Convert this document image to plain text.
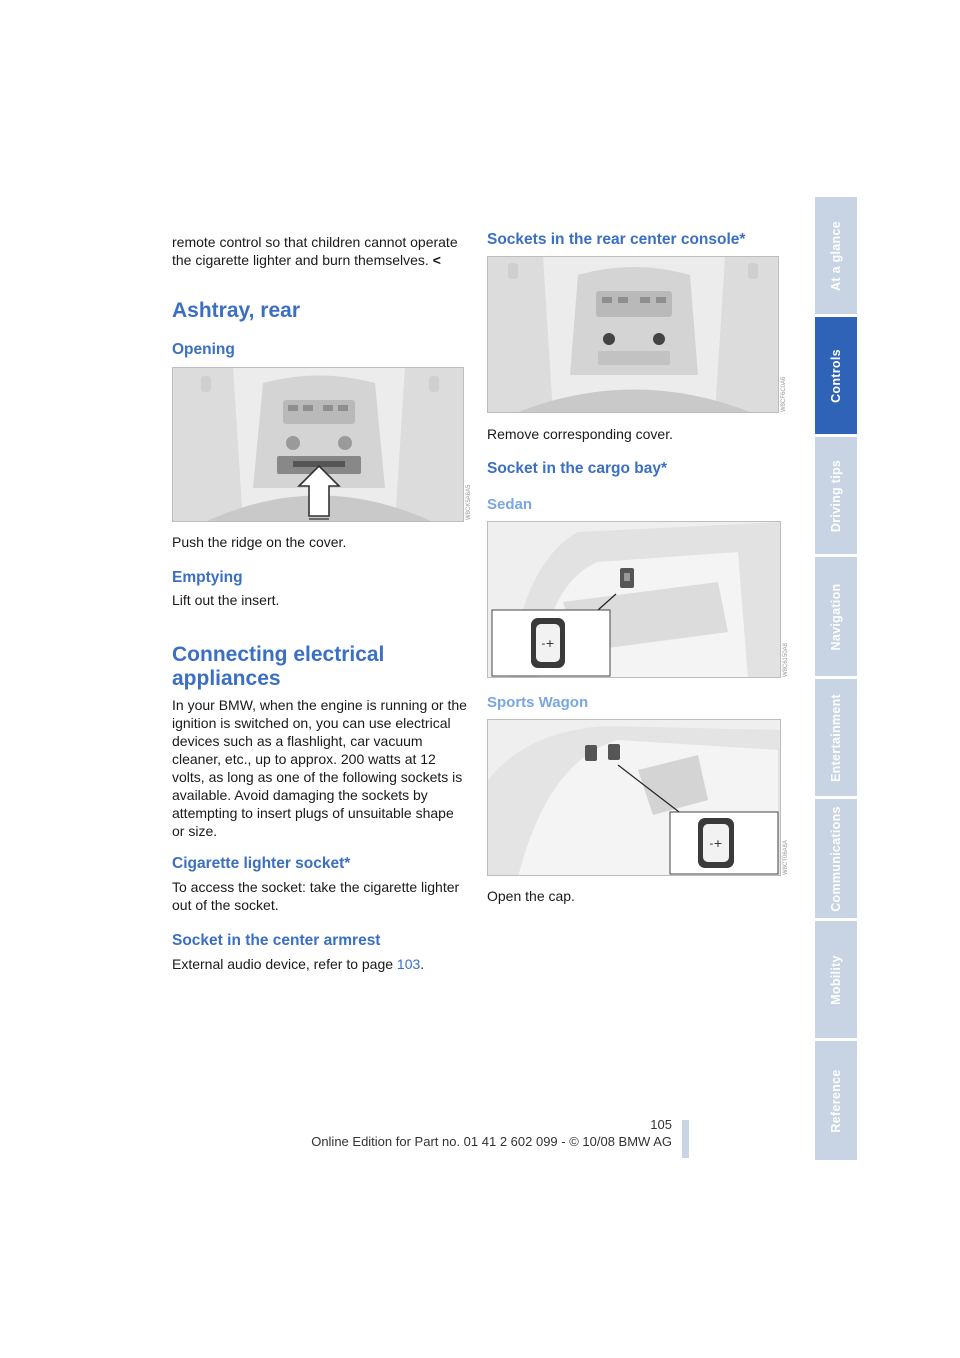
remote control so that children cannot operate the cigarette lighter and burn themselves. <

Ashtray, rear
Opening
W8CK5A6A5

Push the ridge on the cover.

Emptying

Lift out the insert.

Connecting electrical appliances

In your BMW, when the engine is running or the ignition is switched on, you can use electrical devices such as a flashlight, car vacuum cleaner, etc., up to approx. 200 watts at 12 volts, as long as one of the following sockets is available. Avoid damaging the sockets by attempting to insert plugs of unsuitable shape or size.

Cigarette lighter socket*

To access the socket: take the cigarette lighter out of the socket.

Socket in the center armrest

External audio device, refer to page 103.

Sockets in the rear center console*
W8CF6C0A6

Remove corresponding cover.

Socket in the cargo bay*
Sedan
-+	W8C6150A8
Sports Wagon
-+	W8CT06A8A

Open the cap.

At a glance
Controls
Driving tips
Navigation
Entertainment
Communications
Mobility
Reference
105
Online Edition for Part no. 01 41 2 602 099 - © 10/08 BMW AG
